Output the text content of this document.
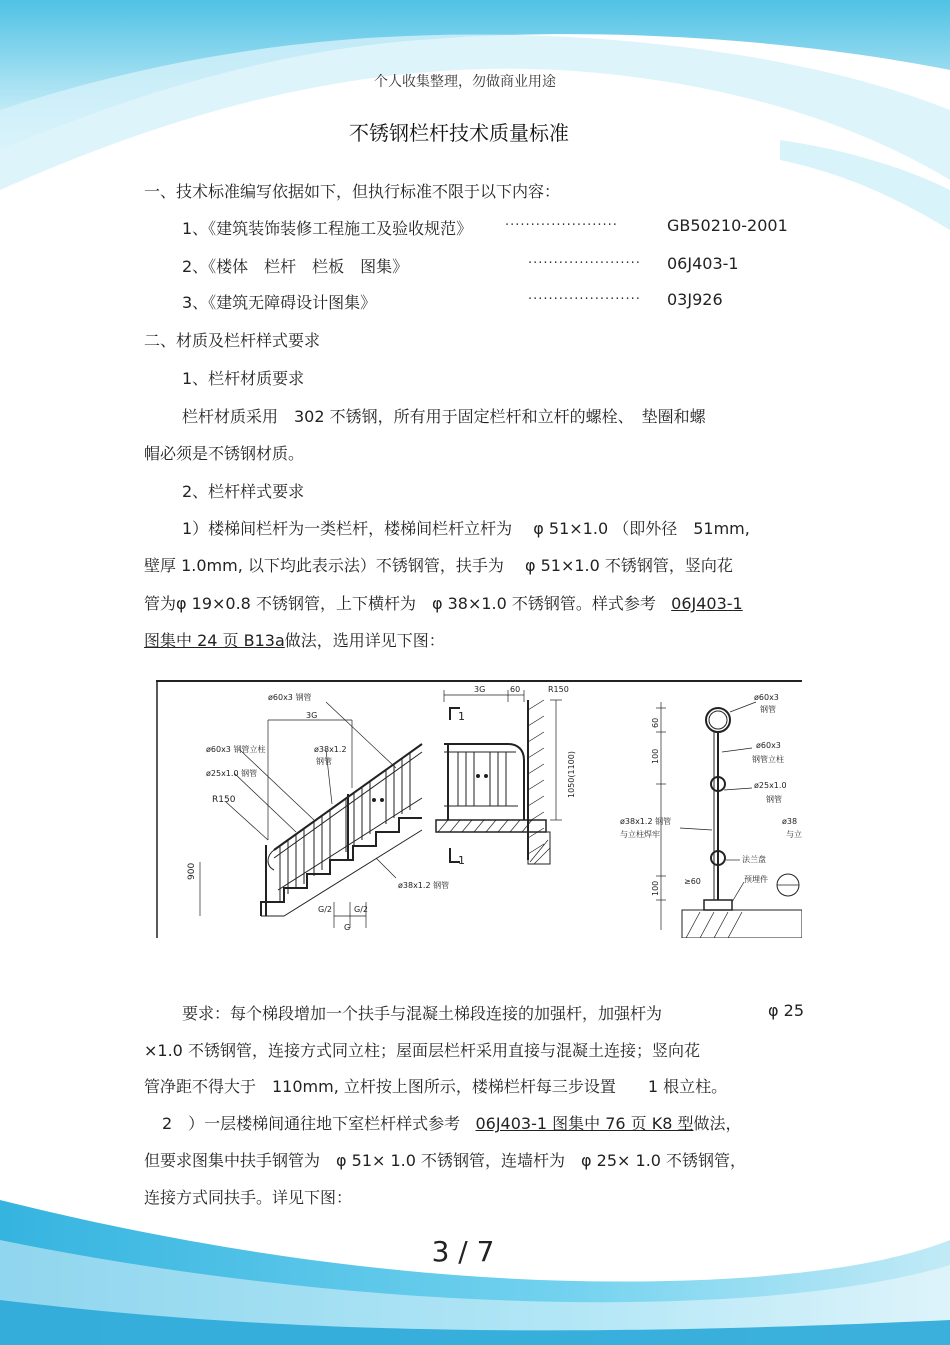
个人收集整理，勿做商业用途
不锈钢栏杆技术质量标准
一、技术标准编写依据如下，但执行标准不限于以下内容：
1、《建筑装饰装修工程施工及验收规范》	······················	GB50210-2001
2、《楼体　栏杆　栏板　图集》	······················ 06J403-1
3、《建筑无障碍设计图集》	······················ 03J926
二、材质及栏杆样式要求
1、栏杆材质要求
栏杆材质采用　302 不锈钢，所有用于固定栏杆和立杆的螺栓、　垫圈和螺
帽必须是不锈钢材质。
2、栏杆样式要求
1）楼梯间栏杆为一类栏杆，楼梯间栏杆立杆为　 φ 51×1.0 （即外径　51mm,
壁厚 1.0mm, 以下均此表示法）不锈钢管，扶手为　 φ 51×1.0 不锈钢管，竖向花
管为φ 19×0.8 不锈钢管，上下横杆为　φ 38×1.0 不锈钢管。样式参考 06J403-1
图集中 24 页 B13a做法，选用详见下图：
ø60x3 钢管
3G
ø60x3 钢管立柱	ø38x1.2
钢管
ø25x1.0 钢管
R150
900
G/2	G/2
G
ø38x1.2 钢管
3G	60	R150
1050(1100)
1
1
ø60x3
钢管
60
100
ø60x3
钢管立柱
ø25x1.0
钢管
ø38x1.2 钢管
与立柱焊牢
ø38
与立
法兰盘
预埋件
≥60
100
要求：每个梯段增加一个扶手与混凝土梯段连接的加强杆，加强杆为	φ 25
×1.0 不锈钢管，连接方式同立柱；屋面层栏杆采用直接与混凝土连接；竖向花
管净距不得大于　110mm, 立杆按上图所示，楼梯栏杆每三步设置　　1 根立柱。
2　）一层楼梯间通往地下室栏杆样式参考 06J403-1 图集中 76 页 K8 型做法，
但要求图集中扶手钢管为　φ 51× 1.0 不锈钢管，连墙杆为　φ 25× 1.0 不锈钢管，
连接方式同扶手。详见下图：
3 / 7
